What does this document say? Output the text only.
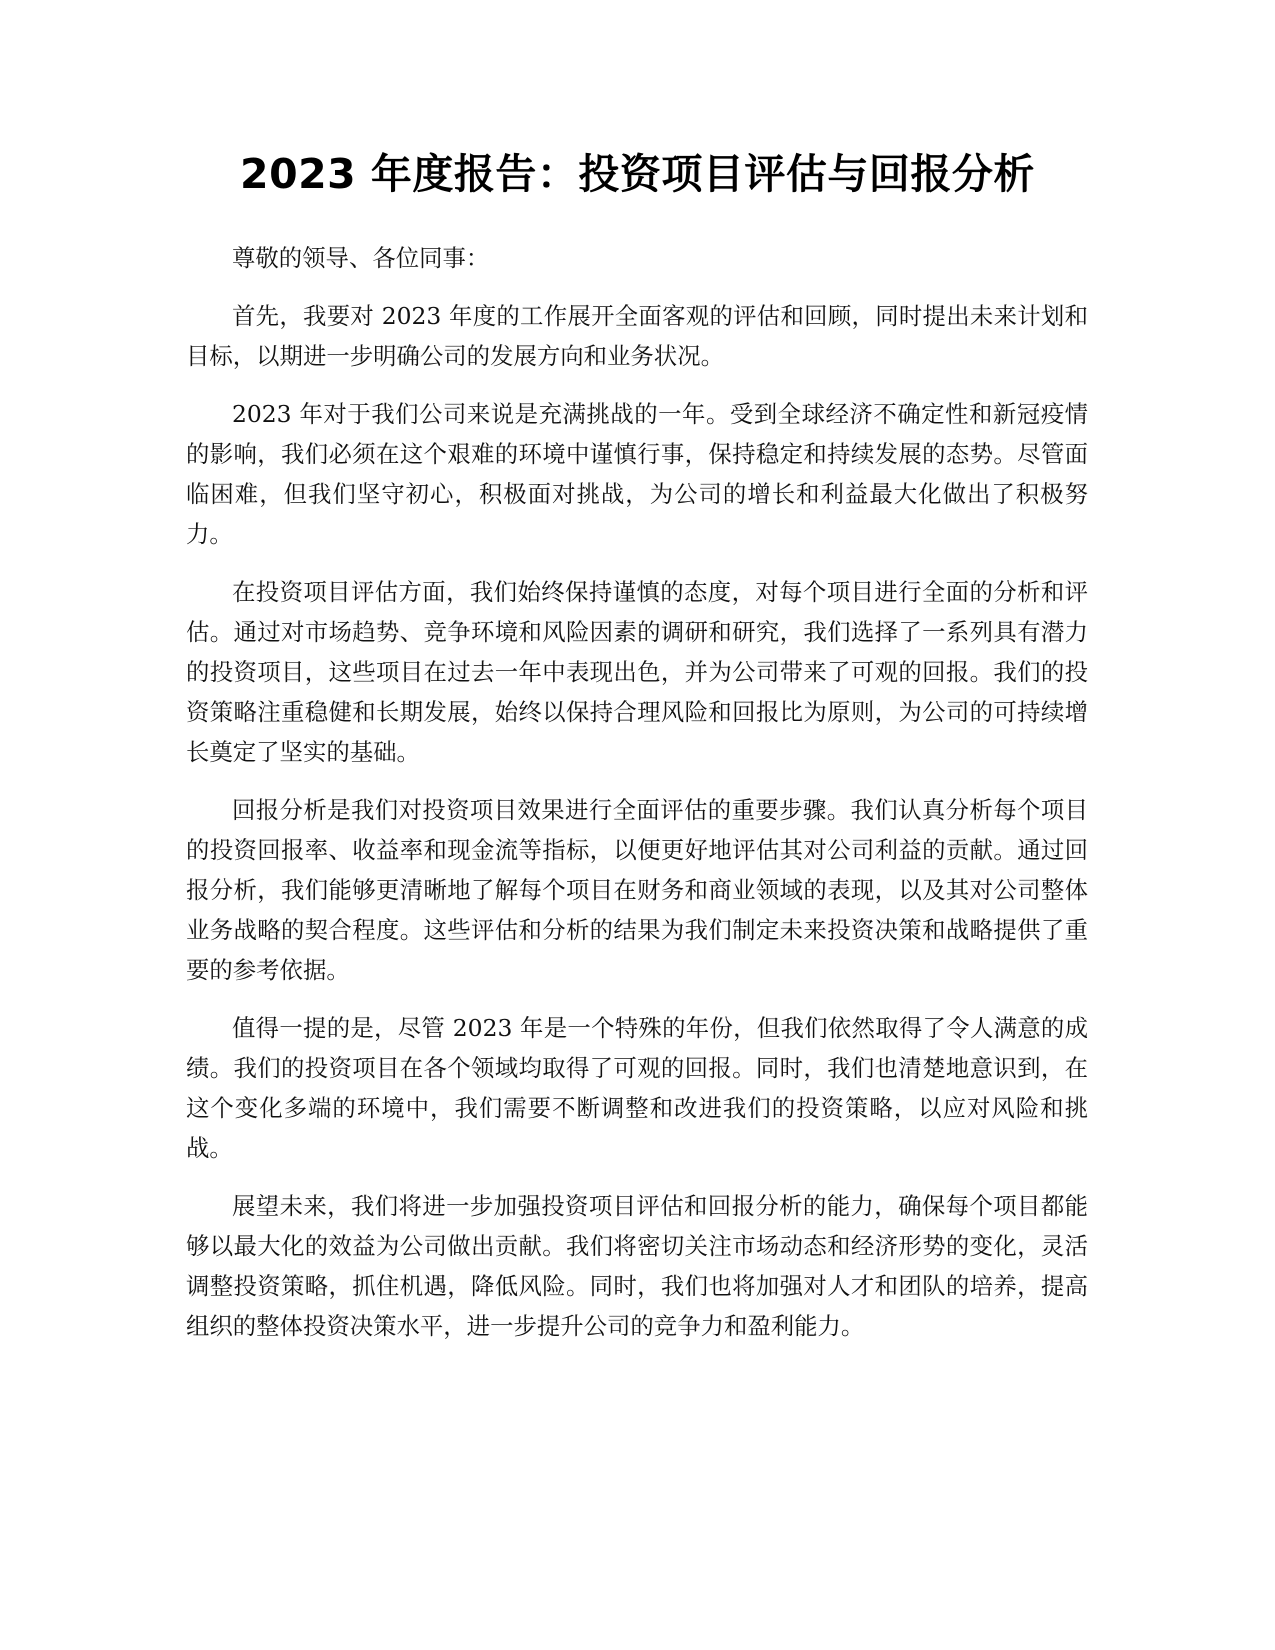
2023 年度报告：投资项目评估与回报分析

尊敬的领导、各位同事：

首先，我要对 2023 年度的工作展开全面客观的评估和回顾，同时提出未来计划和目标，以期进一步明确公司的发展方向和业务状况。

2023 年对于我们公司来说是充满挑战的一年。受到全球经济不确定性和新冠疫情的影响，我们必须在这个艰难的环境中谨慎行事，保持稳定和持续发展的态势。尽管面临困难，但我们坚守初心，积极面对挑战，为公司的增长和利益最大化做出了积极努力。

在投资项目评估方面，我们始终保持谨慎的态度，对每个项目进行全面的分析和评估。通过对市场趋势、竞争环境和风险因素的调研和研究，我们选择了一系列具有潜力的投资项目，这些项目在过去一年中表现出色，并为公司带来了可观的回报。我们的投资策略注重稳健和长期发展，始终以保持合理风险和回报比为原则，为公司的可持续增长奠定了坚实的基础。

回报分析是我们对投资项目效果进行全面评估的重要步骤。我们认真分析每个项目的投资回报率、收益率和现金流等指标，以便更好地评估其对公司利益的贡献。通过回报分析，我们能够更清晰地了解每个项目在财务和商业领域的表现，以及其对公司整体业务战略的契合程度。这些评估和分析的结果为我们制定未来投资决策和战略提供了重要的参考依据。

值得一提的是，尽管 2023 年是一个特殊的年份，但我们依然取得了令人满意的成绩。我们的投资项目在各个领域均取得了可观的回报。同时，我们也清楚地意识到，在这个变化多端的环境中，我们需要不断调整和改进我们的投资策略，以应对风险和挑战。

展望未来，我们将进一步加强投资项目评估和回报分析的能力，确保每个项目都能够以最大化的效益为公司做出贡献。我们将密切关注市场动态和经济形势的变化，灵活调整投资策略，抓住机遇，降低风险。同时，我们也将加强对人才和团队的培养，提高组织的整体投资决策水平，进一步提升公司的竞争力和盈利能力。
